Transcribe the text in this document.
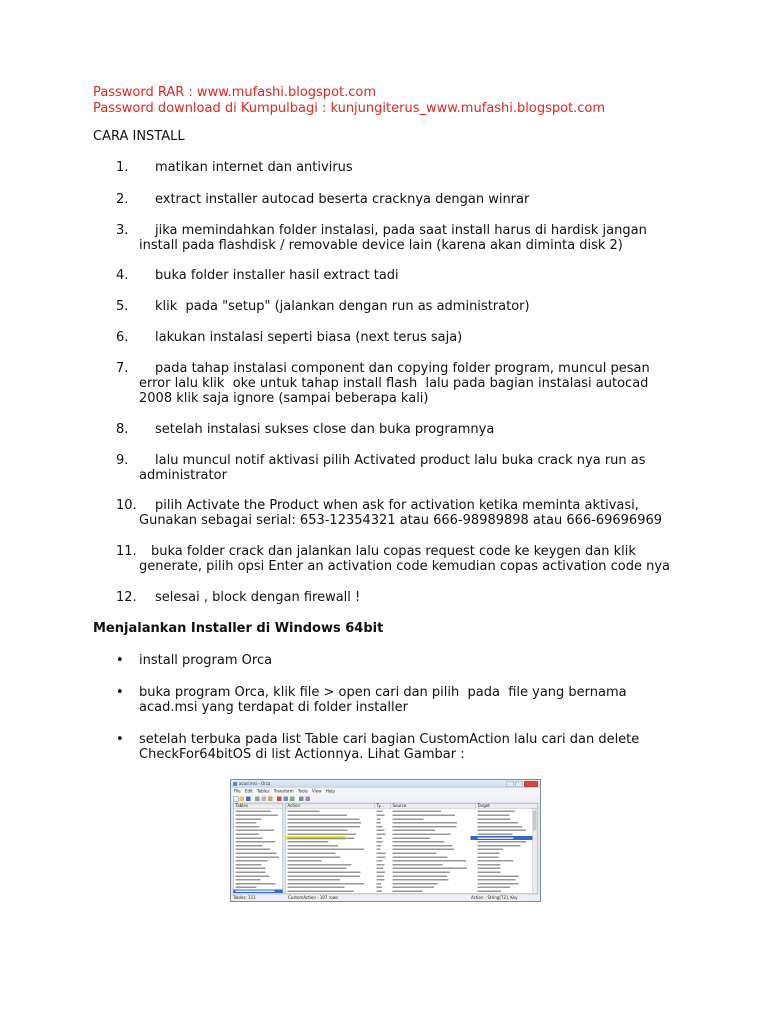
Password RAR : www.mufashi.blogspot.com
Password download di Kumpulbagi : kunjungiterus_www.mufashi.blogspot.com
CARA INSTALL
1. matikan internet dan antivirus
2. extract installer autocad beserta cracknya dengan winrar
3. jika memindahkan folder instalasi, pada saat install harus di hardisk jangan
install pada flashdisk / removable device lain (karena akan diminta disk 2)
4. buka folder installer hasil extract tadi
5. klik  pada "setup" (jalankan dengan run as administrator)
6. lakukan instalasi seperti biasa (next terus saja)
7. pada tahap instalasi component dan copying folder program, muncul pesan
error lalu klik  oke untuk tahap install flash  lalu pada bagian instalasi autocad
2008 klik saja ignore (sampai beberapa kali)
8. setelah instalasi sukses close dan buka programnya
9. lalu muncul notif aktivasi pilih Activated product lalu buka crack nya run as
administrator
10. pilih Activate the Product when ask for activation ketika meminta aktivasi,
Gunakan sebagai serial: 653-12354321 atau 666-98989898 atau 666-69696969
11. buka folder crack dan jalankan lalu copas request code ke keygen dan klik
generate, pilih opsi Enter an activation code kemudian copas activation code nya
12. selesai , block dengan firewall !
Menjalankan Installer di Windows 64bit
• install program Orca
• buka program Orca, klik file > open cari dan pilih  pada  file yang bernama
acad.msi yang terdapat di folder installer
• setelah terbuka pada list Table cari bagian CustomAction lalu cari dan delete
CheckFor64bitOS di list Actionnya. Lihat Gambar :
acad.msi - Orca
File Edit Tables Transform Tools View Help
Tables	Action	Ty... Source	Target
Tables: 111	CustomAction - 107 rows	Action - String[72], Key
